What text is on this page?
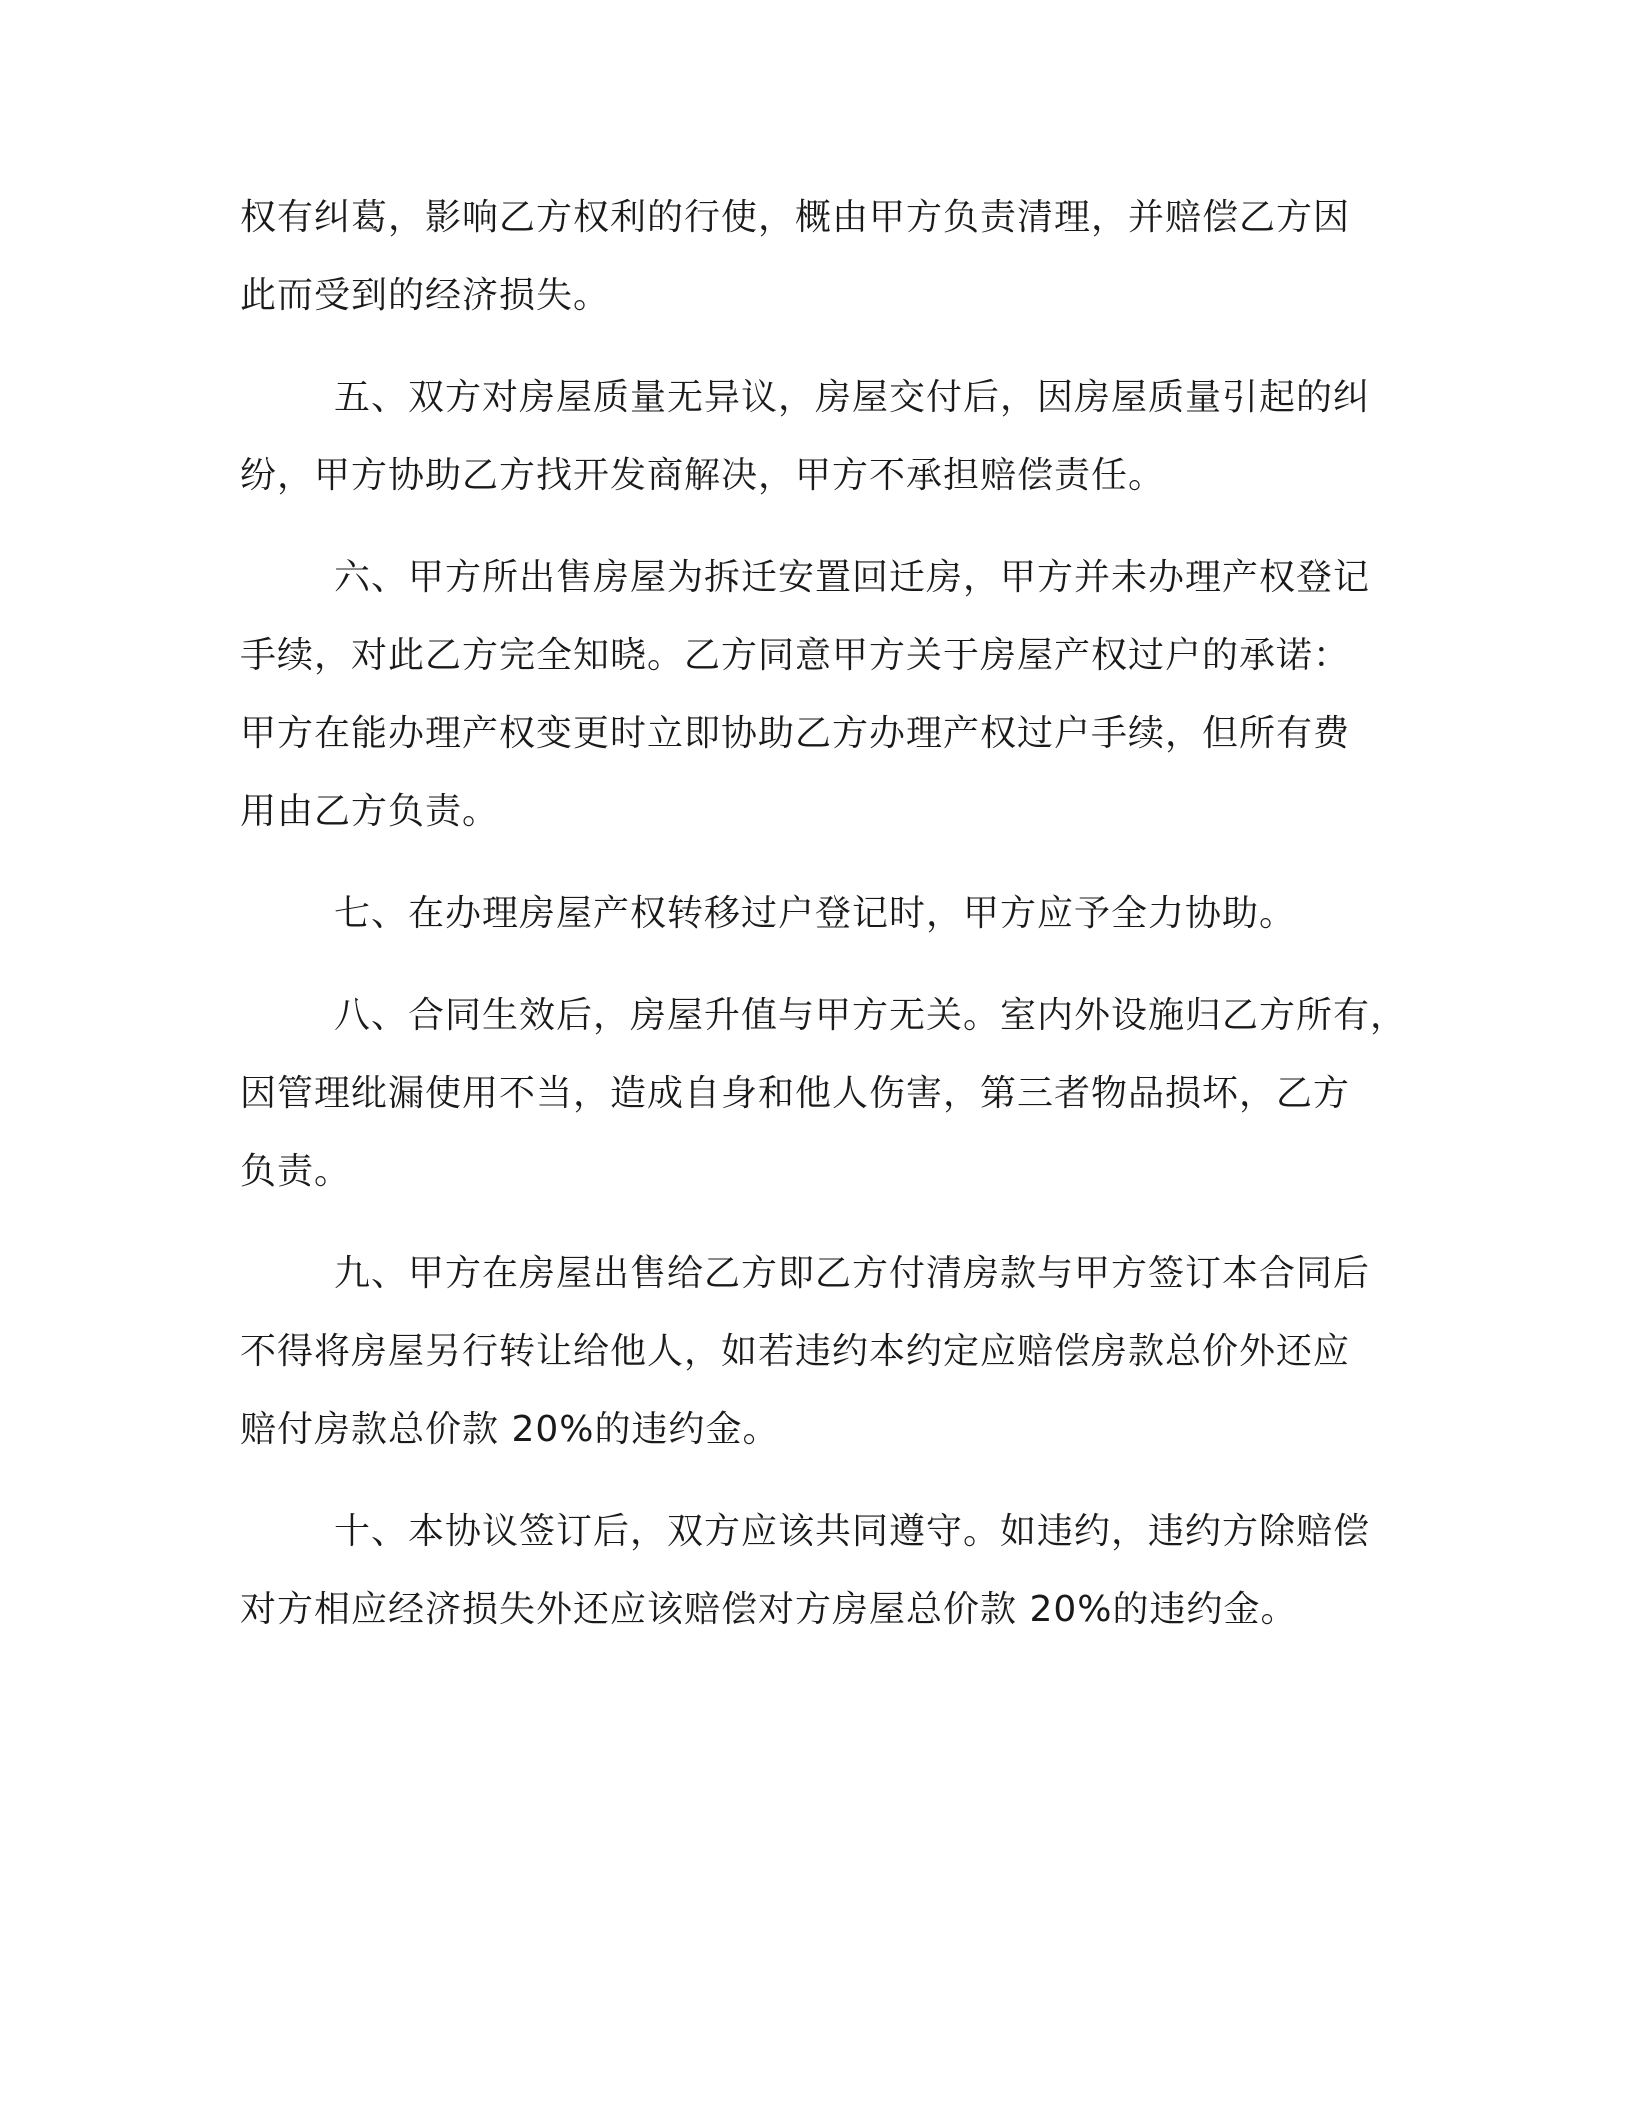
权有纠葛，影响乙方权利的行使，概由甲方负责清理，并赔偿乙方因

此而受到的经济损失。

五、双方对房屋质量无异议，房屋交付后，因房屋质量引起的纠

纷，甲方协助乙方找开发商解决，甲方不承担赔偿责任。

六、甲方所出售房屋为拆迁安置回迁房，甲方并未办理产权登记

手续，对此乙方完全知晓。乙方同意甲方关于房屋产权过户的承诺：

甲方在能办理产权变更时立即协助乙方办理产权过户手续，但所有费

用由乙方负责。

七、在办理房屋产权转移过户登记时，甲方应予全力协助。

八、合同生效后，房屋升值与甲方无关。室内外设施归乙方所有，

因管理纰漏使用不当，造成自身和他人伤害，第三者物品损坏，乙方

负责。

九、甲方在房屋出售给乙方即乙方付清房款与甲方签订本合同后

不得将房屋另行转让给他人，如若违约本约定应赔偿房款总价外还应

赔付房款总价款 20%的违约金。

十、本协议签订后，双方应该共同遵守。如违约，违约方除赔偿

对方相应经济损失外还应该赔偿对方房屋总价款 20%的违约金。
